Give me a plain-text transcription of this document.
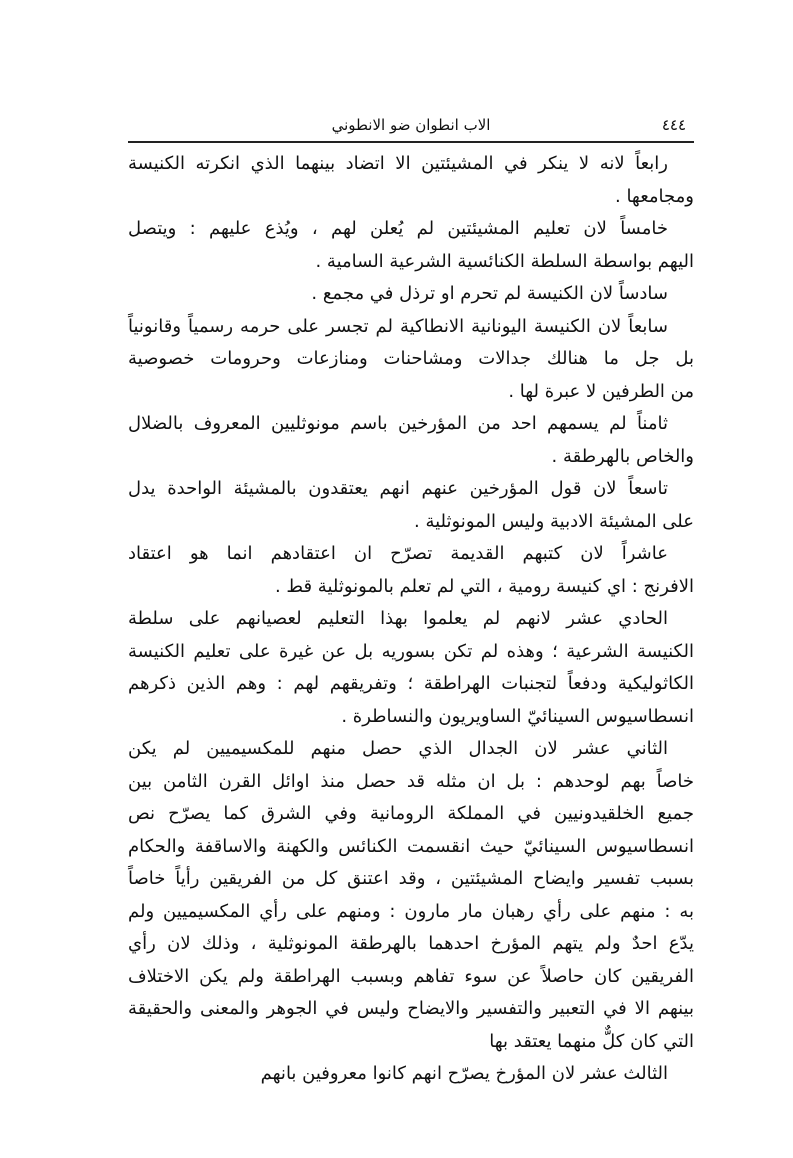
٤٤٤
الاب انطوان ضو الانطوني
رابعاً لانه لا ينكر في المشيئتين الا اتضاد بينهما الذي انكرته الكنيسة
ومجامعها .
خامساً لان تعليم المشيئتين لم يُعلن لهم ، ويُذع عليهم : ويتصل
اليهم بواسطة السلطة الكنائسية الشرعية السامية .
سادساً لان الكنيسة لم تحرم او ترذل في مجمع .
سابعاً لان الكنيسة اليونانية الانطاكية لم تجسر على حرمه رسمياً وقانونياً
بل جل ما هنالك جدالات ومشاحنات ومنازعات وحرومات خصوصية
من الطرفين لا عبرة لها .
ثامناً لم يسمهم احد من المؤرخين باسم مونوثليين المعروف بالضلال
والخاص بالهرطقة .
تاسعاً لان قول المؤرخين عنهم انهم يعتقدون بالمشيئة الواحدة يدل
على المشيئة الادبية وليس المونوثلية .
عاشراً لان كتبهم القديمة تصرّح ان اعتقادهم انما هو اعتقاد
الافرنج : اي كنيسة رومية ، التي لم تعلم بالمونوثلية قط .
الحادي عشر لانهم لم يعلموا بهذا التعليم لعصيانهم على سلطة
الكنيسة الشرعية ؛ وهذه لم تكن بسوريه بل عن غيرة على تعليم الكنيسة
الكاثوليكية ودفعاً لتجنبات الهراطقة ؛ وتفريقهم لهم : وهم الذين ذكرهم
انسطاسيوس السينائيّ الساويريون والنساطرة .
الثاني عشر لان الجدال الذي حصل منهم للمكسيميين لم يكن
خاصاً بهم لوحدهم : بل ان مثله قد حصل منذ اوائل القرن الثامن بين
جميع الخلقيدونيين في المملكة الرومانية وفي الشرق كما يصرّح نص
انسطاسيوس السينائيّ حيث انقسمت الكنائس والكهنة والاساقفة والحكام
بسبب تفسير وايضاح المشيئتين ، وقد اعتنق كل من الفريقين رأياً خاصاً
به : منهم على رأي رهبان مار مارون : ومنهم على رأي المكسيميين ولم
يدّع احدٌ ولم يتهم المؤرخ احدهما بالهرطقة المونوثلية ، وذلك لان رأي
الفريقين كان حاصلاً عن سوء تفاهم وبسبب الهراطقة ولم يكن الاختلاف
بينهم الا في التعبير والتفسير والايضاح وليس في الجوهر والمعنى والحقيقة
التي كان كلٌّ منهما يعتقد بها
الثالث عشر لان المؤرخ يصرّح انهم كانوا معروفين بانهم
